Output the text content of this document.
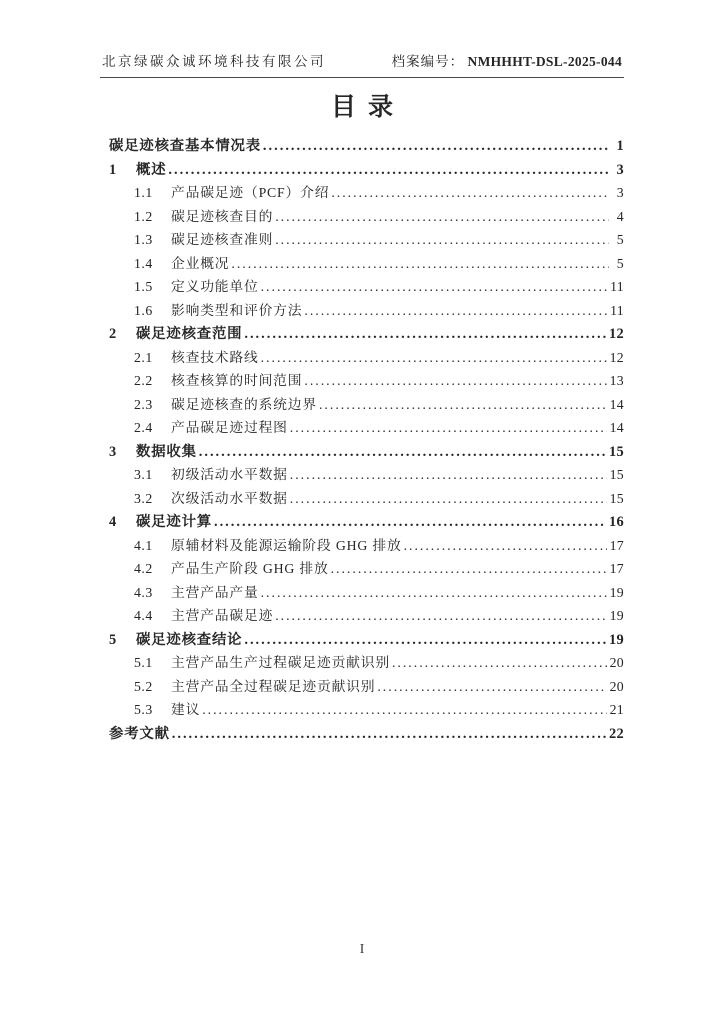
北京绿碳众诚环境科技有限公司	档案编号： NMHHHT-DSL-2025-044
目录
碳足迹核查基本情况表 .....	1
1	概述 .....	3
1.1	产品碳足迹（PCF）介绍 .....	3
1.2	碳足迹核查目的 .....	4
1.3	碳足迹核查准则 .....	5
1.4	企业概况 .....	5
1.5	定义功能单位 .....	11
1.6	影响类型和评价方法 .....	11
2	碳足迹核查范围 .....	12
2.1	核查技术路线 .....	12
2.2	核查核算的时间范围 .....	13
2.3	碳足迹核查的系统边界 .....	14
2.4	产品碳足迹过程图 .....	14
3	数据收集 .....	15
3.1	初级活动水平数据 .....	15
3.2	次级活动水平数据 .....	15
4	碳足迹计算 .....	16
4.1	原辅材料及能源运输阶段 GHG 排放 .....	17
4.2	产品生产阶段 GHG 排放 .....	17
4.3	主营产品产量 .....	19
4.4	主营产品碳足迹 .....	19
5	碳足迹核查结论 .....	19
5.1	主营产品生产过程碳足迹贡献识别 .....	20
5.2	主营产品全过程碳足迹贡献识别 .....	20
5.3	建议 .....	21
参考文献 .....	22
I
